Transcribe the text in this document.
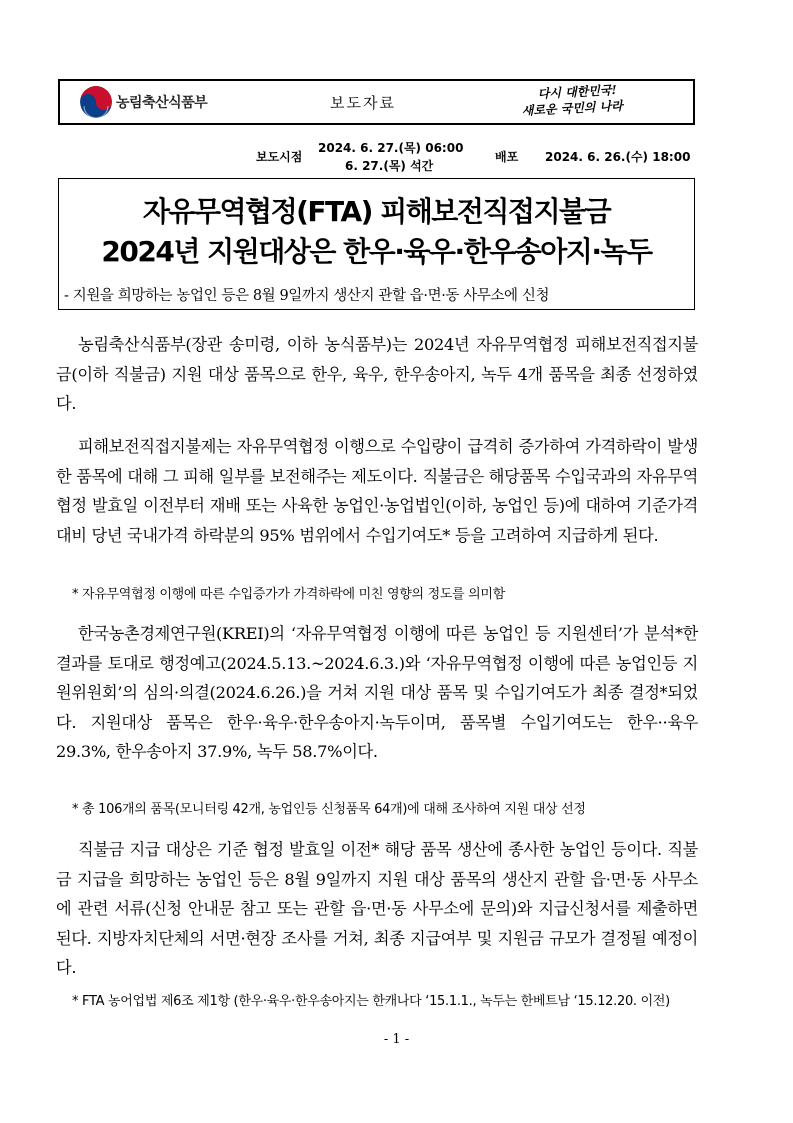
농림축산식품부	보도자료
다시 대한민국!
새로운 국민의 나라
보도시점
2024. 6. 27.(목) 06:00
6. 27.(목) 석간
배포 2024. 6. 26.(수) 18:00
자유무역협정(FTA) 피해보전직접지불금
2024년 지원대상은 한우·육우·한우송아지·녹두
- 지원을 희망하는 농업인 등은 8월 9일까지 생산지 관할 읍·면·동 사무소에 신청
농림축산식품부(장관 송미령, 이하 농식품부)는 2024년 자유무역협정 피해보전직접지불금(이하 직불금) 지원 대상 품목으로 한우, 육우, 한우송아지, 녹두 4개 품목을 최종 선정하였다.
피해보전직접지불제는 자유무역협정 이행으로 수입량이 급격히 증가하여 가격하락이 발생한 품목에 대해 그 피해 일부를 보전해주는 제도이다. 직불금은 해당품목 수입국과의 자유무역협정 발효일 이전부터 재배 또는 사육한 농업인·농업법인(이하, 농업인 등)에 대하여 기준가격 대비 당년 국내가격 하락분의 95% 범위에서 수입기여도* 등을 고려하여 지급하게 된다.
* 자유무역협정 이행에 따른 수입증가가 가격하락에 미친 영향의 정도를 의미함
한국농촌경제연구원(KREI)의 ‘자유무역협정 이행에 따른 농업인 등 지원센터’가 분석*한 결과를 토대로 행정예고(2024.5.13.~2024.6.3.)와 ‘자유무역협정 이행에 따른 농업인등 지원위원회’의 심의·의결(2024.6.26.)을 거쳐 지원 대상 품목 및 수입기여도가 최종 결정*되었다. 지원대상 품목은 한우·육우·한우송아지·녹두이며, 품목별 수입기여도는 한우··육우 29.3%, 한우송아지 37.9%, 녹두 58.7%이다.
* 총 106개의 품목(모니터링 42개, 농업인등 신청품목 64개)에 대해 조사하여 지원 대상 선정
직불금 지급 대상은 기준 협정 발효일 이전* 해당 품목 생산에 종사한 농업인 등이다. 직불금 지급을 희망하는 농업인 등은 8월 9일까지 지원 대상 품목의 생산지 관할 읍·면·동 사무소에 관련 서류(신청 안내문 참고 또는 관할 읍·면·동 사무소에 문의)와 지급신청서를 제출하면 된다. 지방자치단체의 서면·현장 조사를 거쳐, 최종 지급여부 및 지원금 규모가 결정될 예정이다.
* FTA 농어업법 제6조 제1항 (한우·육우·한우송아지는 한캐나다 ‘15.1.1., 녹두는 한베트남 ‘15.12.20. 이전)
- 1 -
